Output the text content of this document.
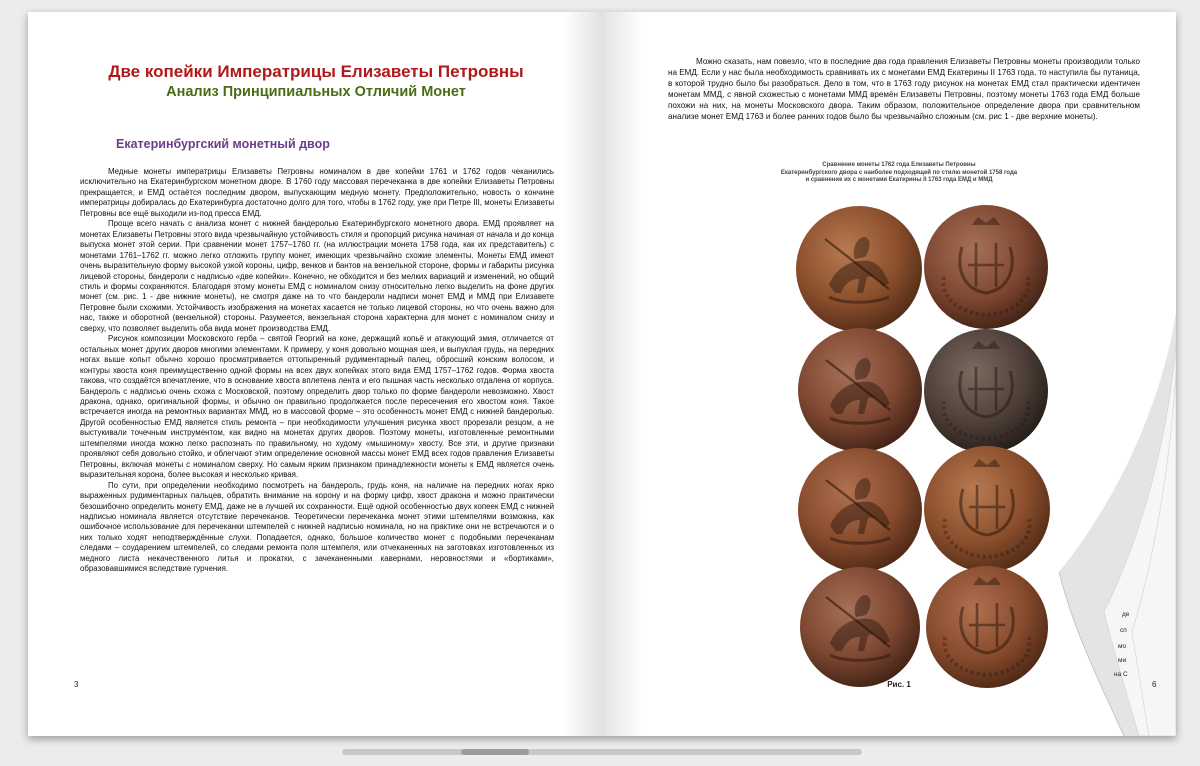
Две копейки Императрицы Елизаветы Петровны
Анализ Принципиальных Отличий Монет
Екатеринбургский монетный двор

Медные монеты императрицы Елизаветы Петровны номиналом в две копейки 1761 и 1762 годов чеканились исключительно на Екатеринбургском монетном дворе. В 1760 году массовая перечеканка в две копейки Елизаветы Петровны прекращается, и ЕМД остаётся последним двором, выпускающим медную монету. Предположительно, новость о кончине императрицы добиралась до Екатеринбурга достаточно долго для того, чтобы в 1762 году, уже при Петре III, монеты Елизаветы Петровны все ещё выходили из-под пресса ЕМД.

Проще всего начать с анализа монет с нижней бандеролью Екатеринбургского монетного двора. ЕМД проявляет на монетах Елизаветы Петровны этого вида чрезвычайную устойчивость стиля и пропорций рисунка начиная от начала и до конца выпуска монет этой серии. При сравнении монет 1757–1760 гг. (на иллюстрации монета 1758 года, как их представитель) с монетами 1761–1762 гг. можно легко отложить группу монет, имеющих чрезвычайно схожие элементы. Монеты ЕМД имеют очень выразительную форму высокой узкой короны, цифр, венков и бантов на вензельной стороне, формы и габариты рисунка лицевой стороны, бандероли с надписью «две копейки». Конечно, не обходится и без мелких вариаций и изменений, но общий стиль и формы сохраняются. Благодаря этому монеты ЕМД с номиналом снизу относительно легко выделить на фоне других монет (см. рис. 1 - две нижние монеты), не смотря даже на то что бандероли надписи монет ЕМД и ММД при Елизавете Петровне были схожими. Устойчивость изображения на монетах касается не только лицевой стороны, но что очень важно для нас, также и оборотной (вензельной) стороны. Разумеется, вензельная сторона характерна для монет с номиналом снизу и сверху, что позволяет выделить оба вида монет производства ЕМД.

Рисунок композиции Московского герба – святой Георгий на коне, держащий копьё и атакующий змия, отличается от остальных монет других дворов многими элементами. К примеру, у коня довольно мощная шея, и выпуклая грудь, на передних ногах выше копыт обычно хорошо просматривается оттопыренный рудиментарный палец, обросший конским волосом, и контуры хвоста коня преимущественно одной формы на всех двух копейках этого вида ЕМД 1757–1762 годов. Форма хвоста такова, что создаётся впечатление, что в основание хвоста вплетена лента и его пышная часть несколько отдалена от корпуса. Бандероль с надписью очень схожа с Московской, поэтому определить двор только по форме бандероли невозможно. Хвост дракона, однако, оригинальной формы, и обычно он правильно продолжается после пересечения его хвостом коня. Такое встречается иногда на ремонтных вариантах ММД, но в массовой форме – это особенность монет ЕМД с нижней бандеролью. Другой особенностью ЕМД является стиль ремонта – при необходимости улучшения рисунка хвост прорезали резцом, а не выстукивали точечным инструментом, как видно на монетах других дворов. Поэтому монеты, изготовленные ремонтными штемпелями иногда можно легко распознать по правильному, но худому «мышиному» хвосту. Все эти, и другие признаки проявляют себя довольно стойко, и облегчают этим определение основной массы монет ЕМД всех годов правления Елизаветы Петровны, включая монеты с номиналом сверху. Но самым ярким признаком принадлежности монеты к ЕМД является очень выразительная корона, более высокая и несколько кривая.

По сути, при определении необходимо посмотреть на бандероль, грудь коня, на наличие на передних ногах ярко выраженных рудиментарных пальцев, обратить внимание на корону и на форму цифр, хвост дракона и можно практически безошибочно определить монету ЕМД, даже не в лучшей их сохранности. Ещё одной особенностью двух копеек ЕМД с нижней надписью номинала является отсутствие перечеканов. Теоретически перечеканка монет этими штемпелями возможна, как ошибочное использование для перечеканки штемпелей с нижней надписью номинала, но на практике они не встречаются и о них только ходят неподтверждённые слухи. Попадается, однако, большое количество монет с подобными перечеканам следами – соударением штемпелей, со следами ремонта поля штемпеля, или отчеканенных на заготовках изготовленных из медного листа некачественного литья и прокатки, с зачеканенными кавернами, неровностями и «бортиками», образовавшимися вследствие гурчения.

3

Можно сказать, нам повезло, что в последние два года правления Елизаветы Петровны монеты производили только на ЕМД. Если у нас была необходимость сравнивать их с монетами ЕМД Екатерины II 1763 года, то наступила бы путаница, в которой трудно было бы разобраться. Дело в том, что в 1763 году рисунок на монетах ЕМД стал практически идентичен монетам ММД, с явной схожестью с монетами ММД времён Елизаветы Петровны, поэтому монеты 1763 года ЕМД больше похожи на них, на монеты Московского двора. Таким образом, положительное определение двора при сравнительном анализе монет ЕМД 1763 и более ранних годов было бы чрезвычайно сложным (см. рис 1 - две верхние монеты).

Сравнение монеты 1762 года Елизаветы Петровны
Екатеринбургского двора с наиболее подходящей по стилю монетой 1758 года
и сравнение их с монетами Екатерины II 1763 года ЕМД и ММД
Рис. 1
де
сп
мо
ми
на С
6
